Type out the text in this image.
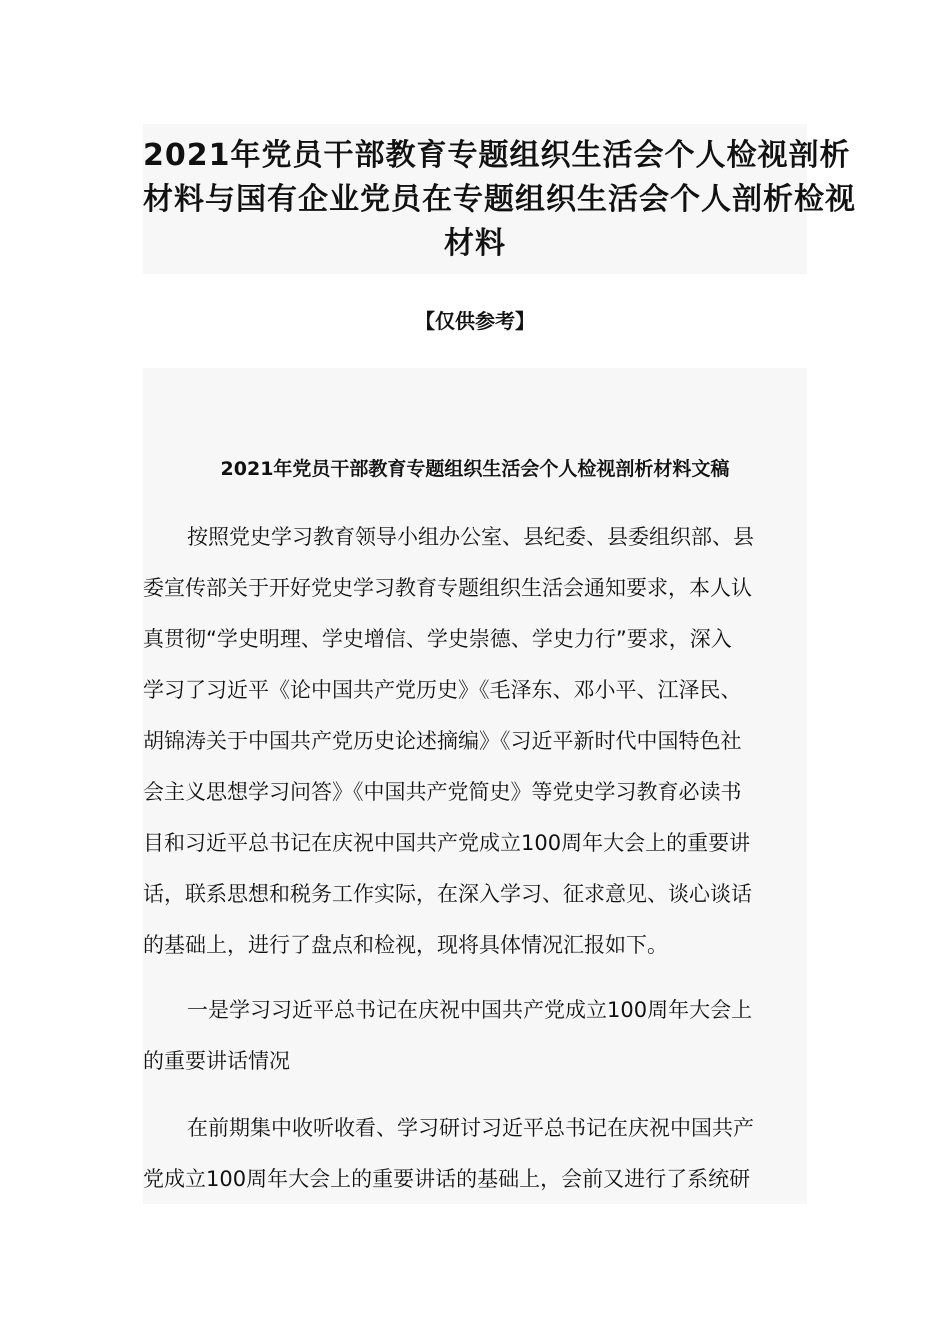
2021年党员干部教育专题组织生活会个人检视剖析
材料与国有企业党员在专题组织生活会个人剖析检视
材料
【仅供参考】
2021年党员干部教育专题组织生活会个人检视剖析材料文稿
按照党史学习教育领导小组办公室、县纪委、县委组织部、县
委宣传部关于开好党史学习教育专题组织生活会通知要求，本人认
真贯彻“学史明理、学史增信、学史崇德、学史力行”要求，深入
学习了习近平《论中国共产党历史》《毛泽东、邓小平、江泽民、
胡锦涛关于中国共产党历史论述摘编》《习近平新时代中国特色社
会主义思想学习问答》《中国共产党简史》等党史学习教育必读书
目和习近平总书记在庆祝中国共产党成立100周年大会上的重要讲
话，联系思想和税务工作实际，在深入学习、征求意见、谈心谈话
的基础上，进行了盘点和检视，现将具体情况汇报如下。
一是学习习近平总书记在庆祝中国共产党成立100周年大会上
的重要讲话情况
在前期集中收听收看、学习研讨习近平总书记在庆祝中国共产
党成立100周年大会上的重要讲话的基础上，会前又进行了系统研
